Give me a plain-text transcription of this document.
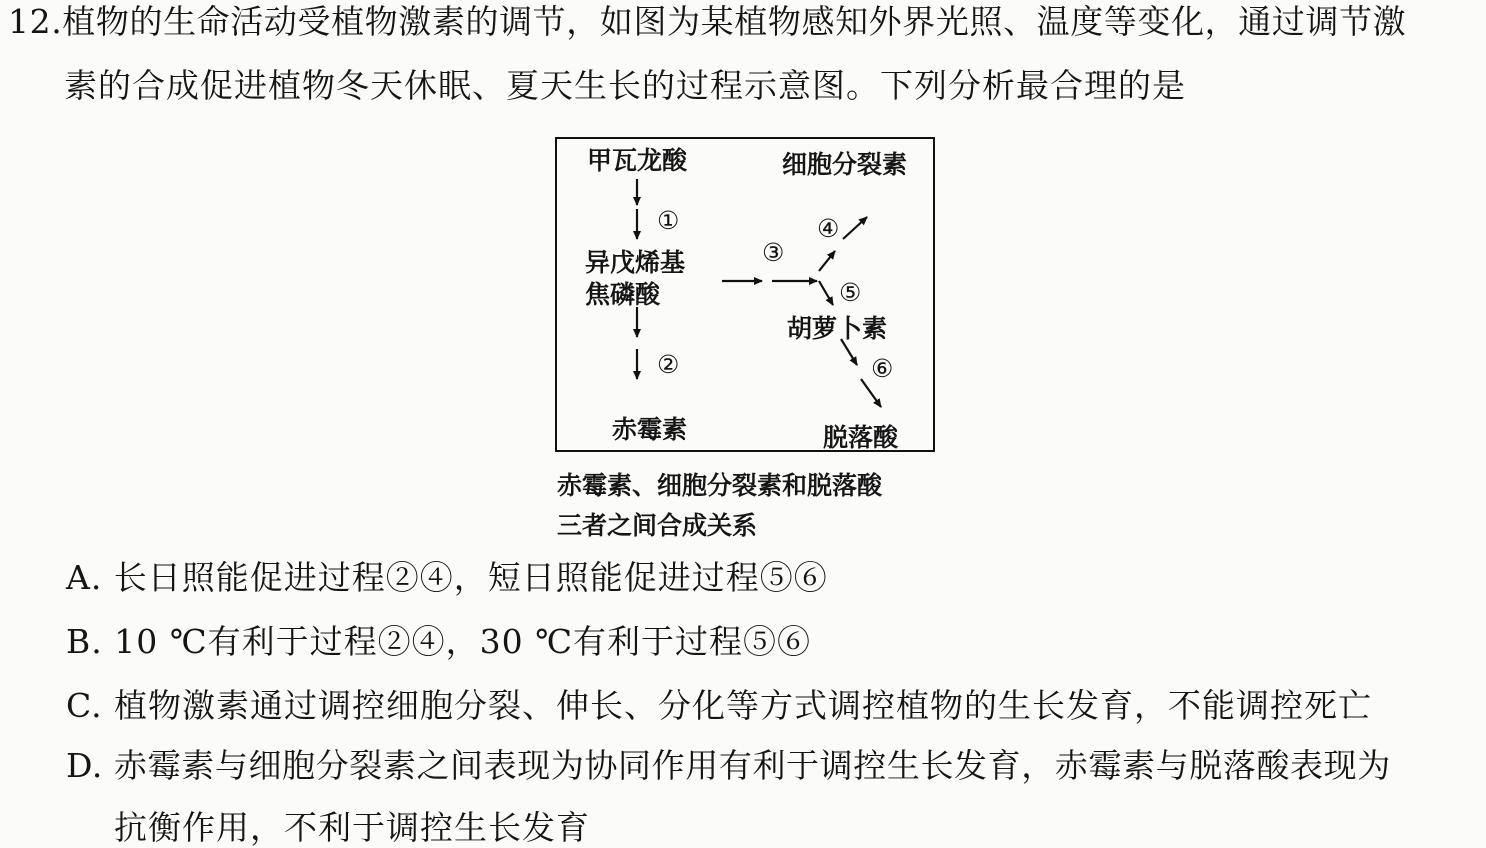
12.植物的生命活动受植物激素的调节，如图为某植物感知外界光照、温度等变化，通过调节激
素的合成促进植物冬天休眠、夏天生长的过程示意图。下列分析最合理的是
甲瓦龙酸	细胞分裂素
①	④
异戊烯基
焦磷酸
③
⑤
胡萝卜素
②	⑥
赤霉素	脱落酸
赤霉素、细胞分裂素和脱落酸
三者之间合成关系
A. 长日照能促进过程②④，短日照能促进过程⑤⑥
B. 10 ℃有利于过程②④，30 ℃有利于过程⑤⑥
C. 植物激素通过调控细胞分裂、伸长、分化等方式调控植物的生长发育，不能调控死亡
D. 赤霉素与细胞分裂素之间表现为协同作用有利于调控生长发育，赤霉素与脱落酸表现为
抗衡作用，不利于调控生长发育
